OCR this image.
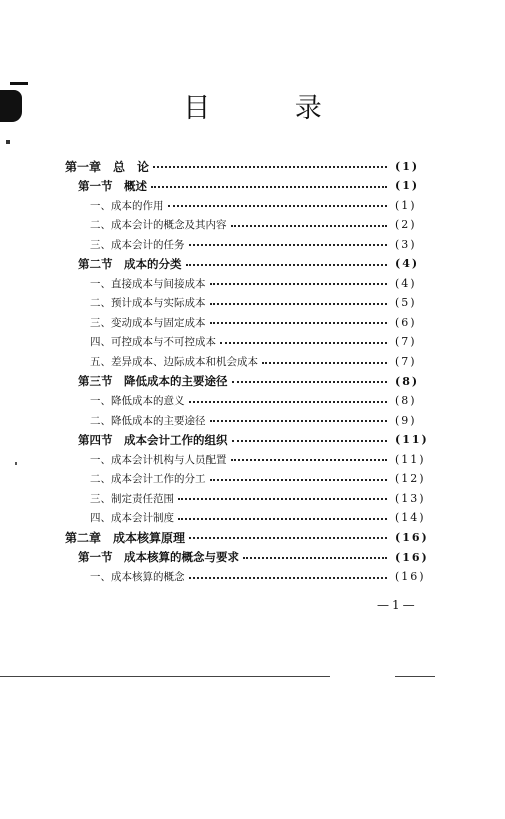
目 录
第一章　总　论	(1)
第一节　概述	(1)
一、成本的作用	(1)
二、成本会计的概念及其内容	(2)
三、成本会计的任务	(3)
第二节　成本的分类	(4)
一、直接成本与间接成本	(4)
二、预计成本与实际成本	(5)
三、变动成本与固定成本	(6)
四、可控成本与不可控成本	(7)
五、差异成本、边际成本和机会成本	(7)
第三节　降低成本的主要途径	(8)
一、降低成本的意义	(8)
二、降低成本的主要途径	(9)
第四节　成本会计工作的组织	(11)
一、成本会计机构与人员配置	(11)
二、成本会计工作的分工	(12)
三、制定责任范围	(13)
四、成本会计制度	(14)
第二章　成本核算原理	(16)
第一节　成本核算的概念与要求	(16)
一、成本核算的概念	(16)
—1—
